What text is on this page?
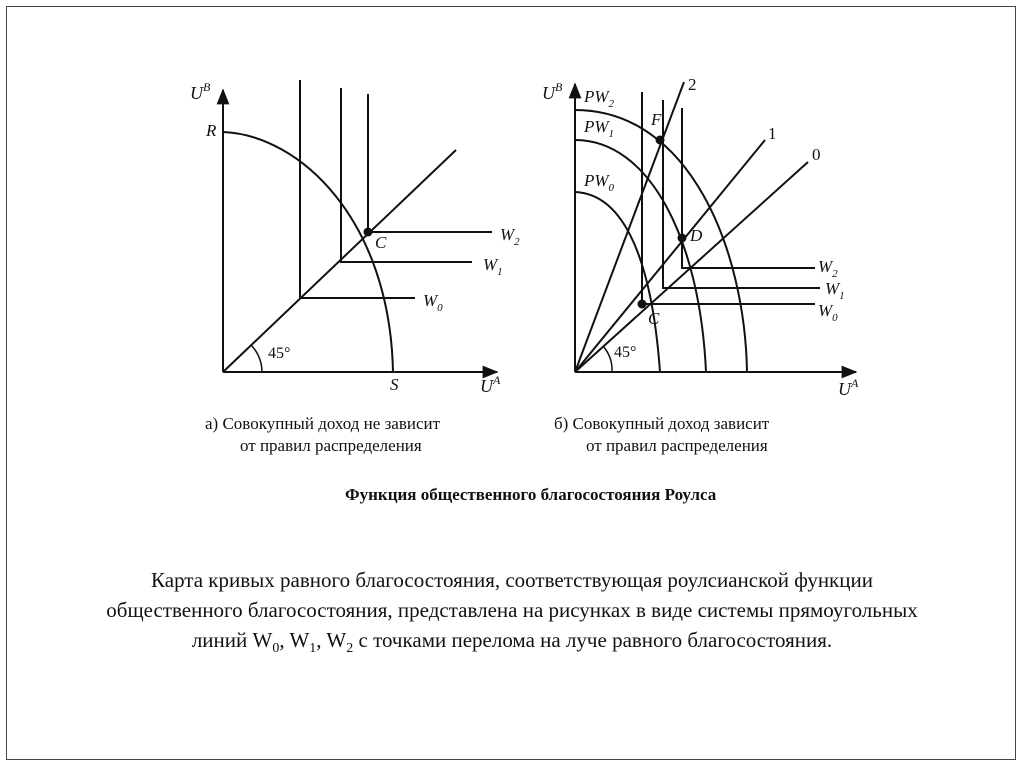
$U^B$
$U^A$
R
S
C
45°
$W_2$
$W_1$
$W_0$
а) Совокупный доход не зависит
от правил распределения
$U^B$
$U^A$
$PW_2$
$PW_1$
$PW_0$
F
D
C
2
1
0
45°
$W_2$
$W_1$
$W_0$
б) Совокупный доход зависит
от правил распределения
Функция общественного благосостояния Роулса
Карта кривых равного благосостояния, соответствующая роулсианской функции
общественного благосостояния, представлена на рисунках в виде системы прямоугольных
линий $W_0$, $W_1$, $W_2$ с точками перелома на луче равного благосостояния.
